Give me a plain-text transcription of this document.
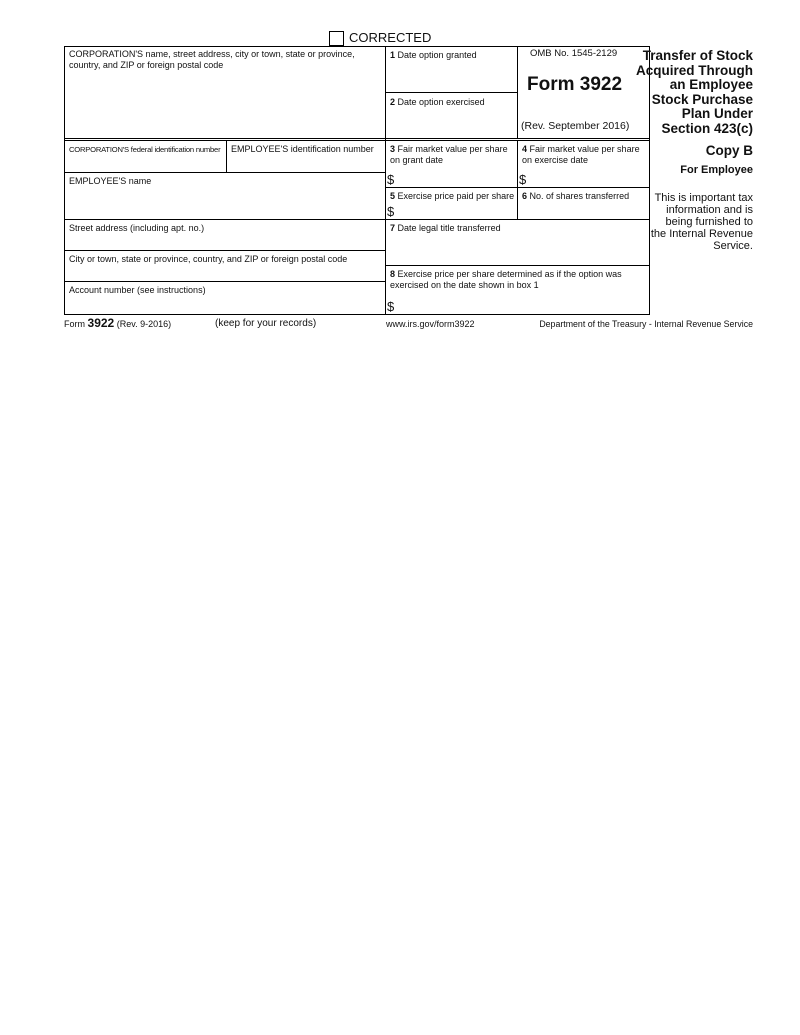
CORRECTED
CORPORATION'S name, street address, city or town, state or province, country, and ZIP or foreign postal code
CORPORATION'S federal identification number	EMPLOYEE'S identification number
EMPLOYEE'S name
Street address (including apt. no.)
City or town, state or province, country, and ZIP or foreign postal code
Account number (see instructions)
1 Date option granted
2 Date option exercised
OMB No. 1545-2129
Form 3922
(Rev. September 2016)
Transfer of Stock
Acquired Through
an Employee
Stock Purchase
Plan Under
Section 423(c)
Copy B
For Employee
This is important tax
information and is
being furnished to
the Internal Revenue
Service.
3 Fair market value per share on grant date
$
4 Fair market value per share on exercise date
$
5 Exercise price paid per share
$
6 No. of shares transferred
7 Date legal title transferred
8 Exercise price per share determined as if the option was exercised on the date shown in box 1
$
Form 3922 (Rev. 9-2016)	(keep for your records)	www.irs.gov/form3922	Department of the Treasury - Internal Revenue Service
